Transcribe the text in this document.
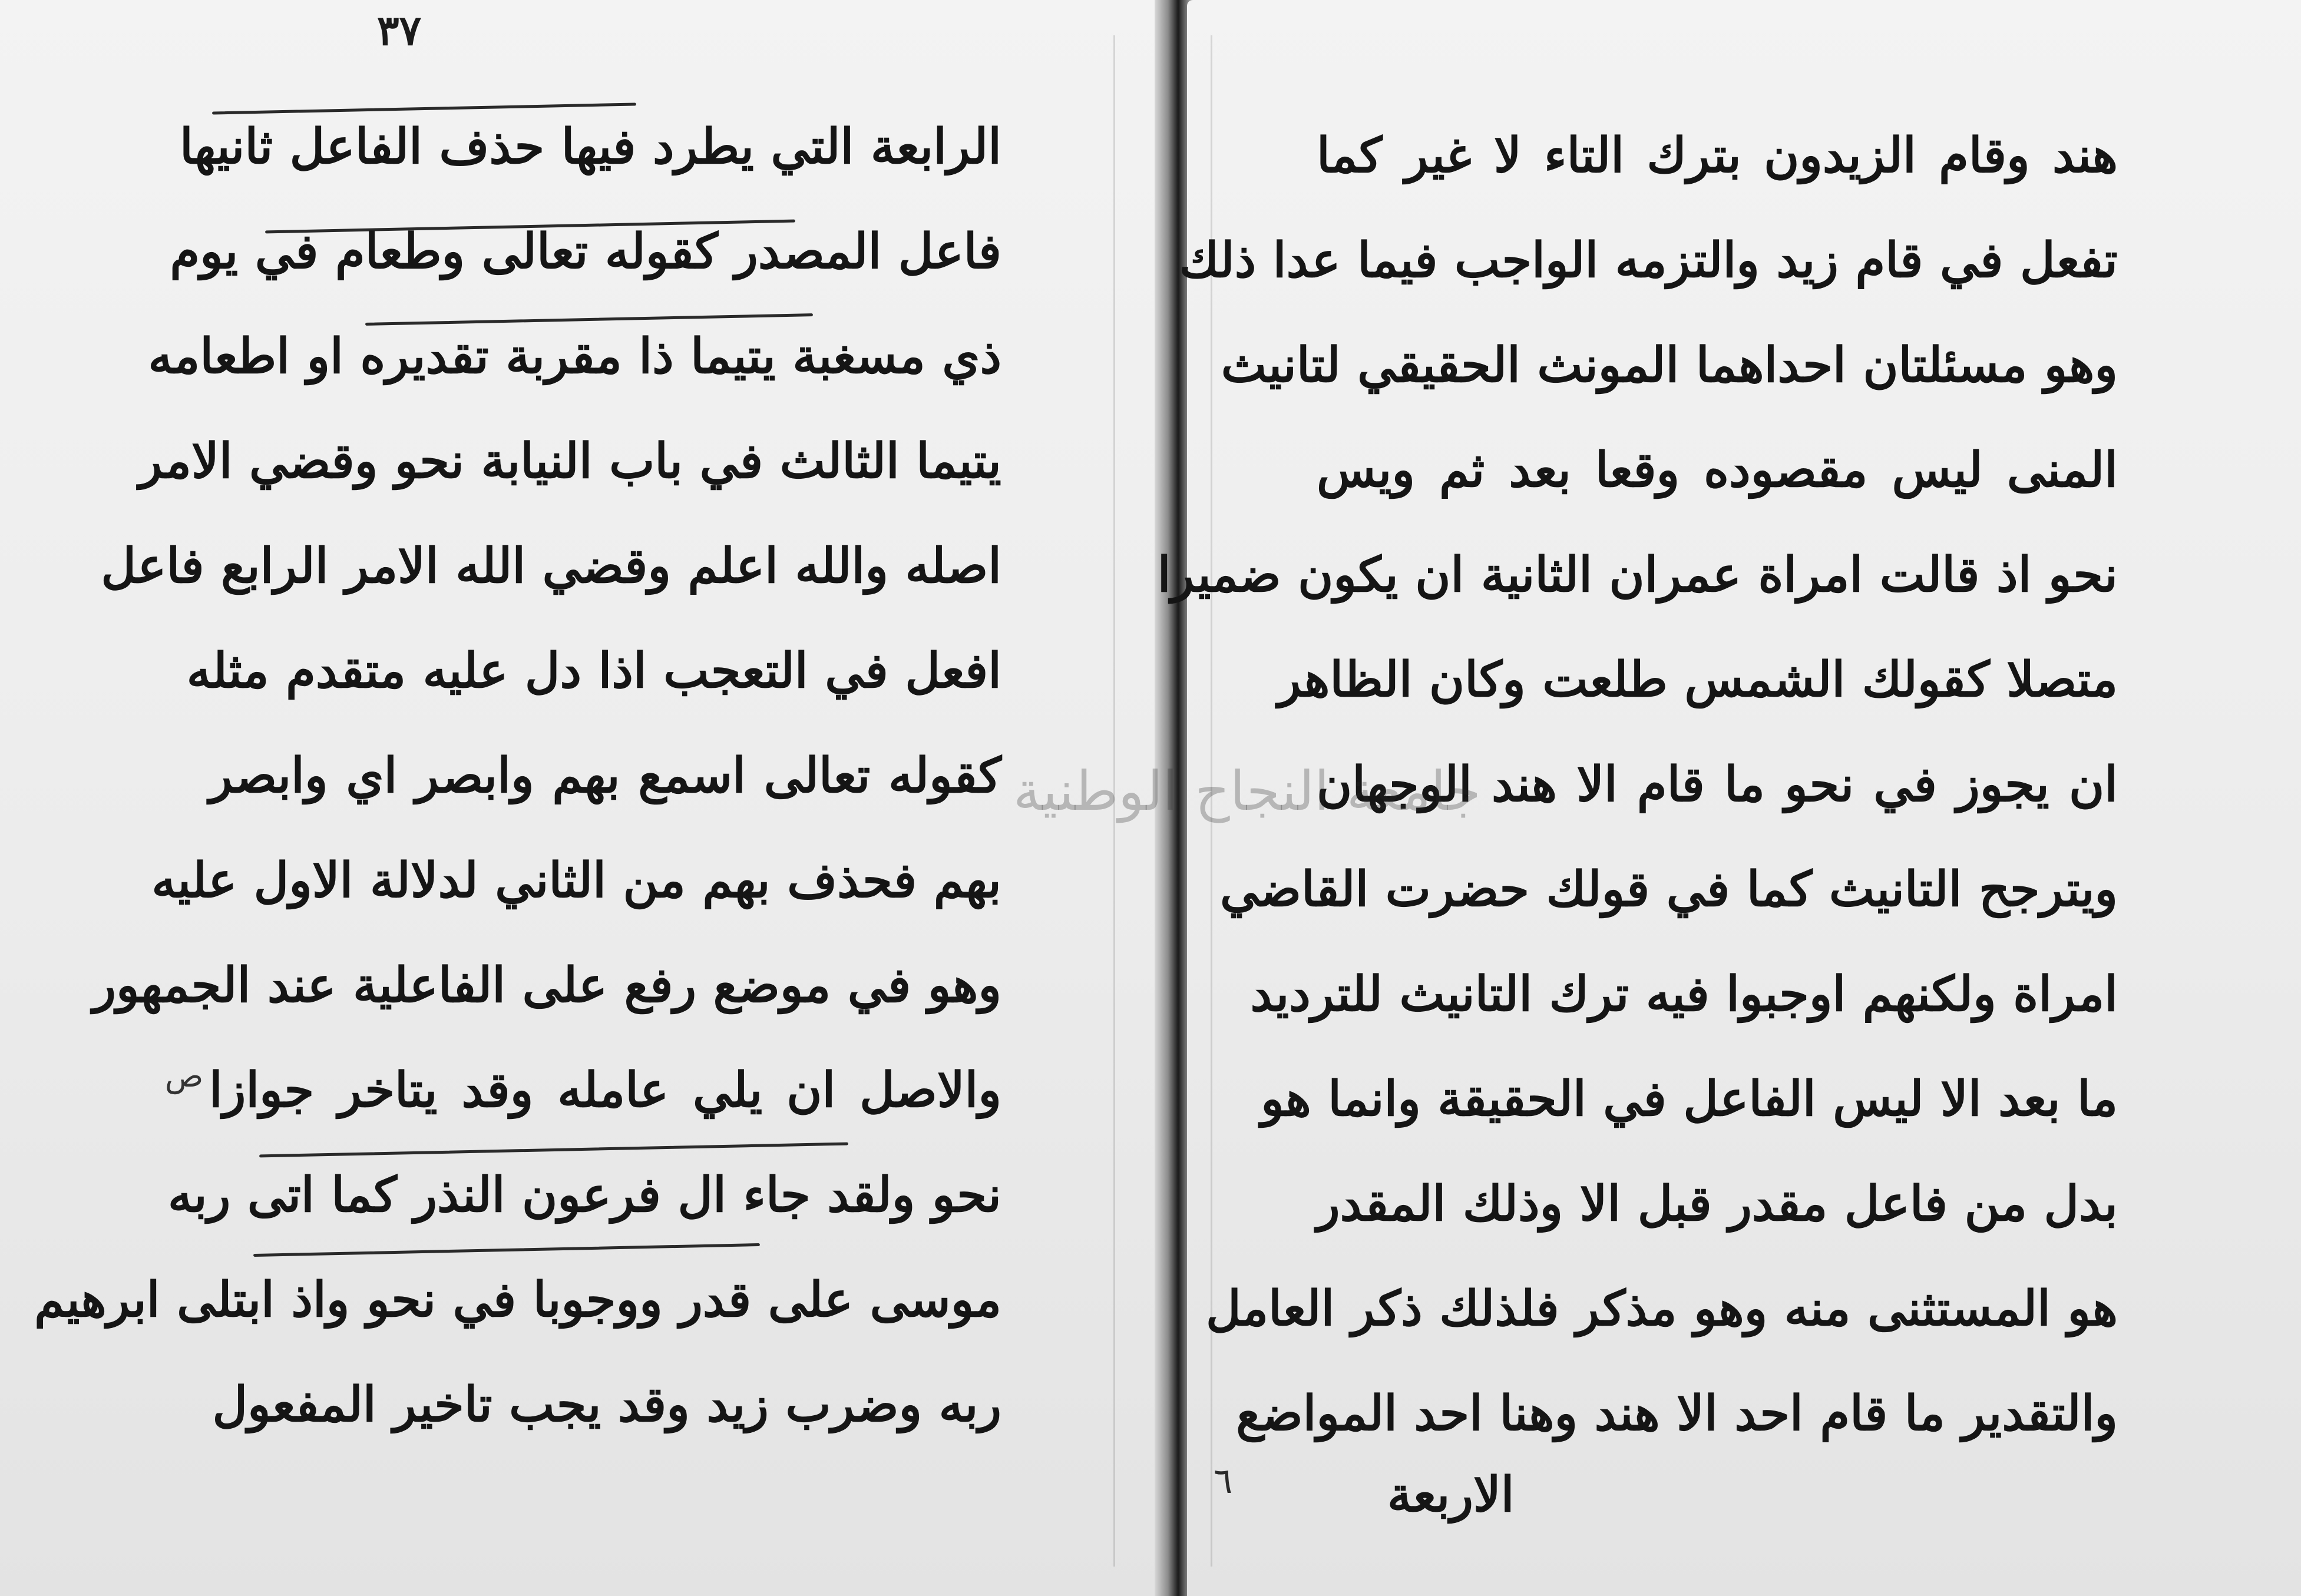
٣٧
الرابعة التي يطرد فيها حذف الفاعل ثانيها
فاعل المصدر كقوله تعالى وطعام في يوم
ذي مسغبة يتيما ذا مقربة تقديره او اطعامه
يتيما الثالث في باب النيابة نحو وقضي الامر
اصله والله اعلم وقضي الله الامر الرابع فاعل
افعل في التعجب اذا دل عليه متقدم مثله
كقوله تعالى اسمع بهم وابصر اي وابصر
بهم فحذف بهم من الثاني لدلالة الاول عليه
وهو في موضع رفع على الفاعلية عند الجمهور
والاصل ان يلي عامله وقد يتاخر جوازا
نحو ولقد جاء ال فرعون النذر كما اتى ربه
موسى على قدر ووجوبا في نحو واذ ابتلى ابرهيم
ربه وضرب زيد وقد يجب تاخير المفعول
ص
هند وقام الزيدون بترك التاء لا غير كما
تفعل في قام زيد والتزمه الواجب فيما عدا ذلك
وهو مسئلتان احداهما المونث الحقيقي لتانيث
المنى ليس مقصوده وقعا بعد ثم ويس
نحو اذ قالت امراة عمران الثانية ان يكون ضميرا
متصلا كقولك الشمس طلعت وكان الظاهر
ان يجوز في نحو ما قام الا هند الوجهان
ويترجح التانيث كما في قولك حضرت القاضي
امراة ولكنهم اوجبوا فيه ترك التانيث للترديد
ما بعد الا ليس الفاعل في الحقيقة وانما هو
بدل من فاعل مقدر قبل الا وذلك المقدر
هو المستثنى منه وهو مذكر فلذلك ذكر العامل
والتقدير ما قام احد الا هند وهنا احد المواضع
الاربعة
٦
جامعة النجاح الوطنية
